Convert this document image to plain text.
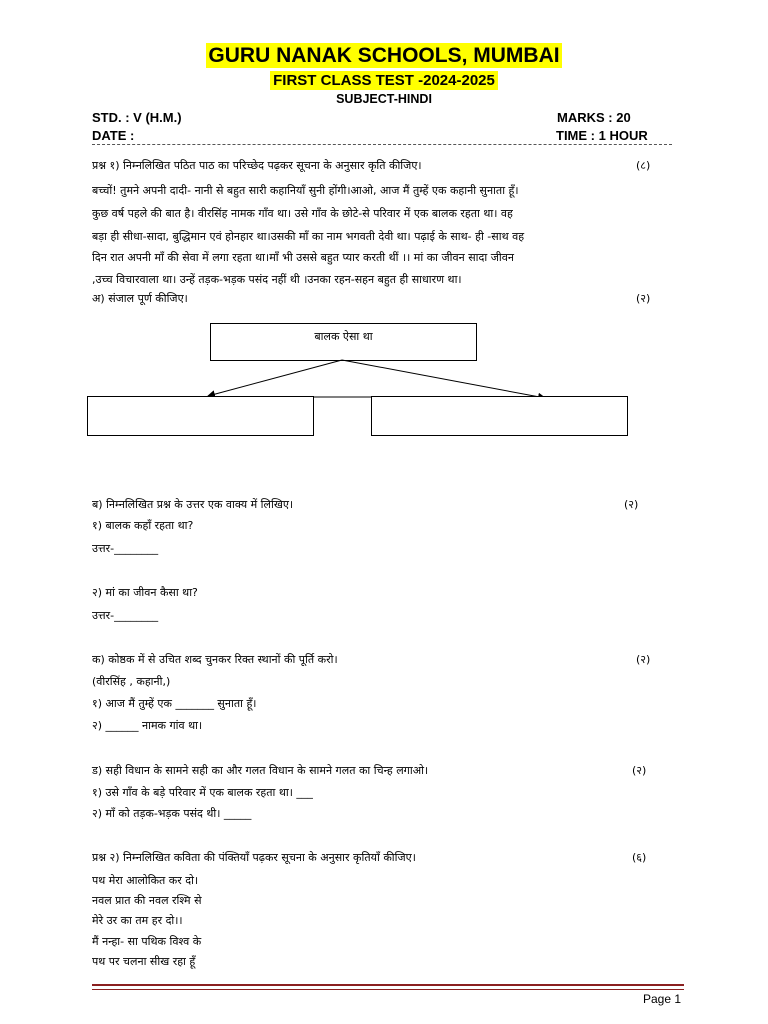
GURU NANAK SCHOOLS, MUMBAI
FIRST CLASS TEST -2024-2025
SUBJECT-HINDI
STD. : V (H.M.)	MARKS : 20
DATE :	TIME : 1 HOUR
प्रश्न १) निम्नलिखित पठित पाठ का परिच्छेद पढ़कर सूचना के अनुसार कृति कीजिए।	(८)
बच्चों! तुमने अपनी दादी- नानी से बहुत सारी कहानियाँ सुनी होंगी।आओ, आज मैं तुम्हें एक कहानी सुनाता हूँ।
कुछ वर्ष पहले की बात है। वीरसिंह नामक गाँव था। उसे गाँव के छोटे-से परिवार में एक बालक रहता था। वह
बड़ा ही सीधा-सादा, बुद्धिमान एवं होनहार था।उसकी माँ का नाम भगवती देवी था। पढ़ाई के साथ- ही -साथ वह
दिन रात अपनी माँ की सेवा में लगा रहता था।माँ भी उससे बहुत प्यार करती थीं ।। मां का जीवन सादा जीवन
,उच्च विचारवाला था। उन्हें तड़क-भड़क पसंद नहीं थी ।उनका रहन-सहन बहुत ही साधारण था।
अ) संजाल पूर्ण कीजिए।	(२)
बालक ऐसा था
ब) निम्नलिखित प्रश्न के उत्तर एक वाक्य में लिखिए।	(२)
१) बालक कहाँ रहता था?
उत्तर-________
२) मां का जीवन कैसा था?
उत्तर-________
क) कोष्ठक में से उचित शब्द चुनकर रिक्त स्थानों की पूर्ति करो।	(२)
(वीरसिंह , कहानी,)
१) आज मैं तुम्हें एक _______ सुनाता हूँ।
२) ______ नामक गांव था।
ड) सही विधान के सामने सही का और गलत विधान के सामने गलत का चिन्ह लगाओ।	(२)
१) उसे गाँव के बड़े परिवार में एक बालक रहता था। ___
२) माँ को तड़क-भड़क पसंद थी। _____
प्रश्न २) निम्नलिखित कविता की पंक्तियाँ पढ़कर सूचना के अनुसार कृतियाँ कीजिए।	(६)
पथ मेरा आलोकित कर दो।
नवल प्रात की नवल रश्मि से
मेरे उर का तम हर दो।।
मैं नन्हा- सा पथिक विश्व के
पथ पर चलना सीख रहा हूँ
Page 1
